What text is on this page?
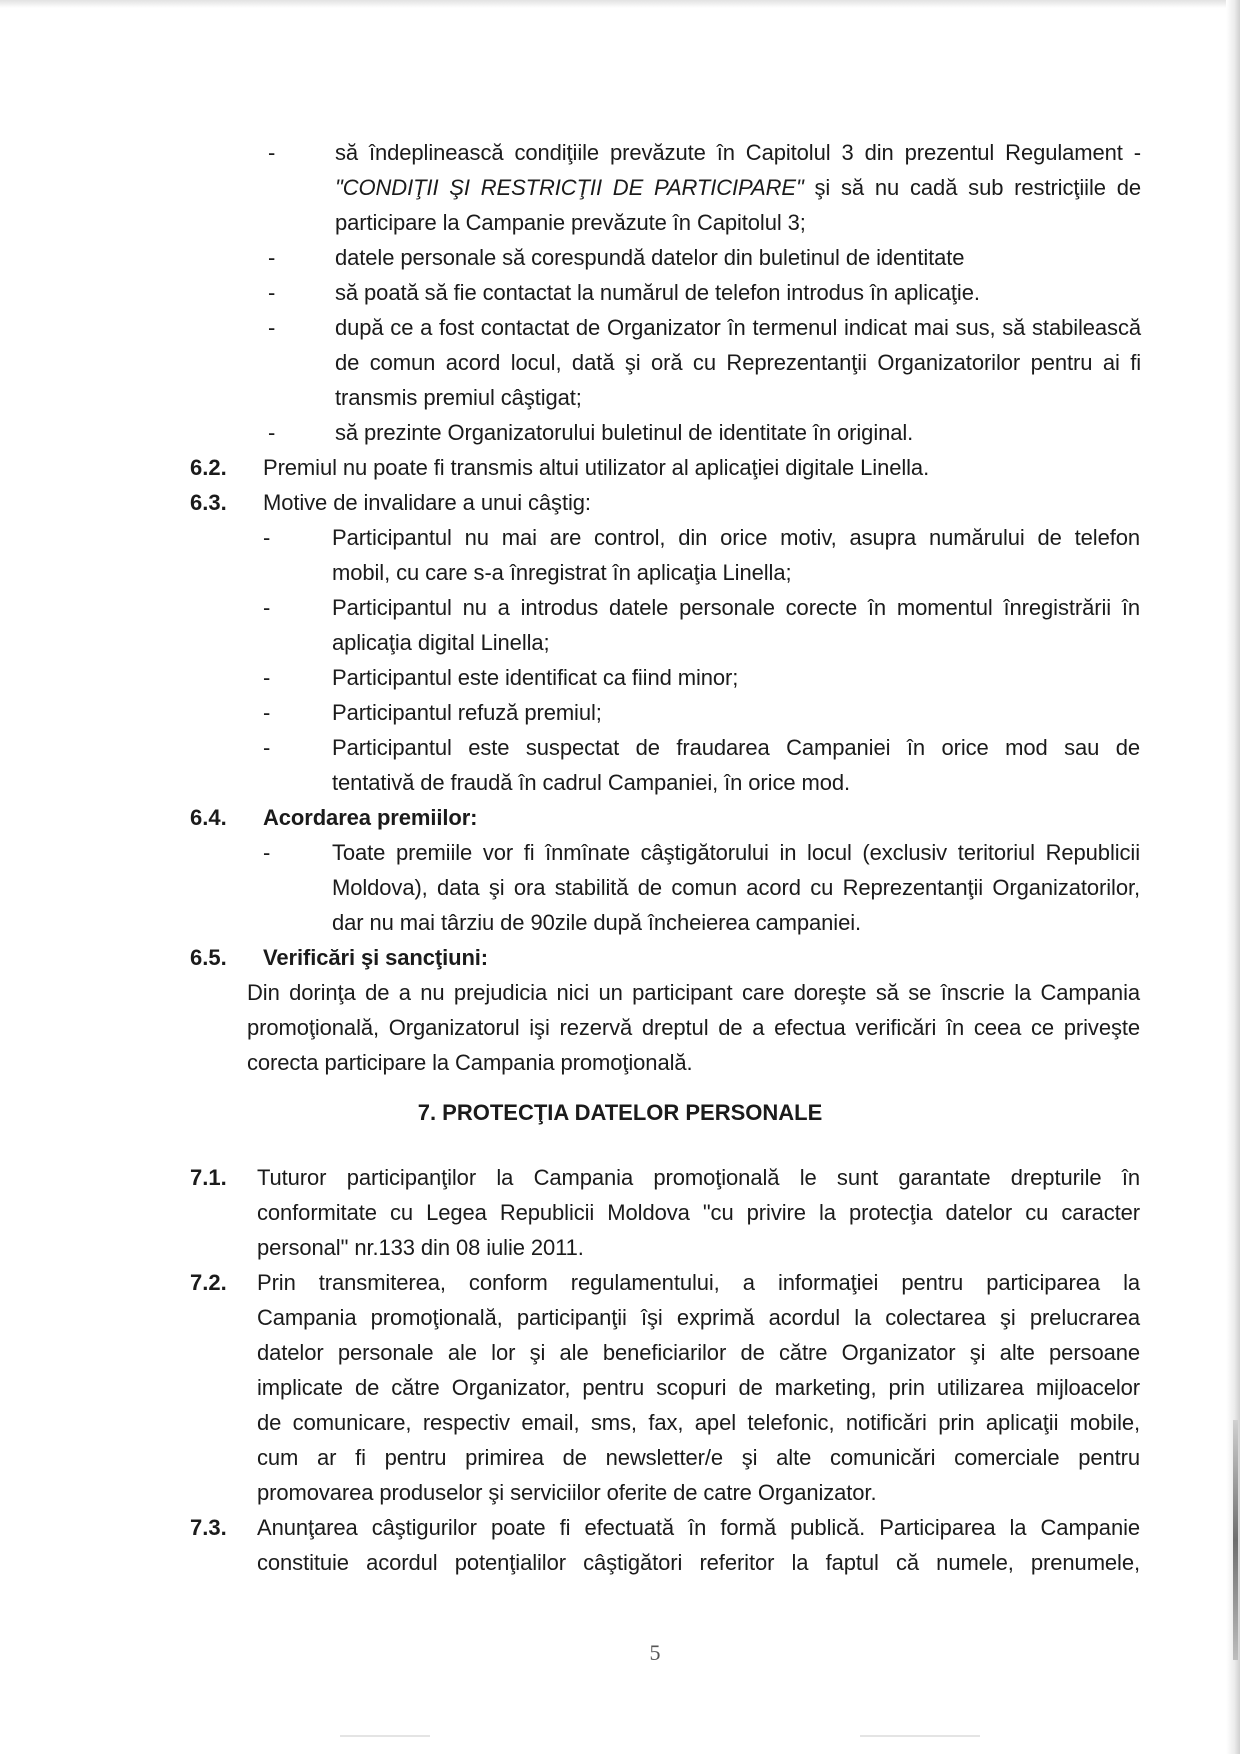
-	să îndeplinească condiţiile prevăzute în Capitolul 3 din prezentul Regulament -
"CONDIŢII ŞI RESTRICŢII DE PARTICIPARE" şi să nu cadă sub restricţiile de
participare la Campanie prevăzute în Capitolul 3;
-	datele personale să corespundă datelor din buletinul de identitate
-	să poată să fie contactat la numărul de telefon introdus în aplicaţie.
-	după ce a fost contactat de Organizator în termenul indicat mai sus, să stabilească
de comun acord locul, dată şi oră cu Reprezentanţii Organizatorilor pentru ai fi
transmis premiul câştigat;
-	să prezinte Organizatorului buletinul de identitate în original.
6.2. Premiul nu poate fi transmis altui utilizator al aplicaţiei digitale Linella.
6.3. Motive de invalidare a unui câştig:
-	Participantul nu mai are control, din orice motiv, asupra numărului de telefon
mobil, cu care s-a înregistrat în aplicaţia Linella;
-	Participantul nu a introdus datele personale corecte în momentul înregistrării în
aplicaţia digital Linella;
-	Participantul este identificat ca fiind minor;
-	Participantul refuză premiul;
-	Participantul este suspectat de fraudarea Campaniei în orice mod sau de
tentativă de fraudă în cadrul Campaniei, în orice mod.
6.4. Acordarea premiilor:
-	Toate premiile vor fi înmînate câştigătorului in locul (exclusiv teritoriul Republicii
Moldova), data şi ora stabilită de comun acord cu Reprezentanţii Organizatorilor,
dar nu mai târziu de 90zile după încheierea campaniei.
6.5. Verificări şi sancţiuni:
Din dorinţa de a nu prejudicia nici un participant care doreşte să se înscrie la Campania
promoţională, Organizatorul işi rezervă dreptul de a efectua verificări în ceea ce priveşte
corecta participare la Campania promoţională.
7. PROTECŢIA DATELOR PERSONALE
7.1. Tuturor participanţilor la Campania promoţională le sunt garantate drepturile în
conformitate cu Legea Republicii Moldova "cu privire la protecţia datelor cu caracter
personal" nr.133 din 08 iulie 2011.
7.2. Prin transmiterea, conform regulamentului, a informaţiei pentru participarea la
Campania promoţională, participanţii îşi exprimă acordul la colectarea şi prelucrarea
datelor personale ale lor şi ale beneficiarilor de către Organizator şi alte persoane
implicate de către Organizator, pentru scopuri de marketing, prin utilizarea mijloacelor
de comunicare, respectiv email, sms, fax, apel telefonic, notificări prin aplicaţii mobile,
cum ar fi pentru primirea de newsletter/e şi alte comunicări comerciale pentru
promovarea produselor şi serviciilor oferite de catre Organizator.
7.3. Anunţarea câştigurilor poate fi efectuată în formă publică. Participarea la Campanie
constituie acordul potenţialilor câştigători referitor la faptul că numele, prenumele,
5
